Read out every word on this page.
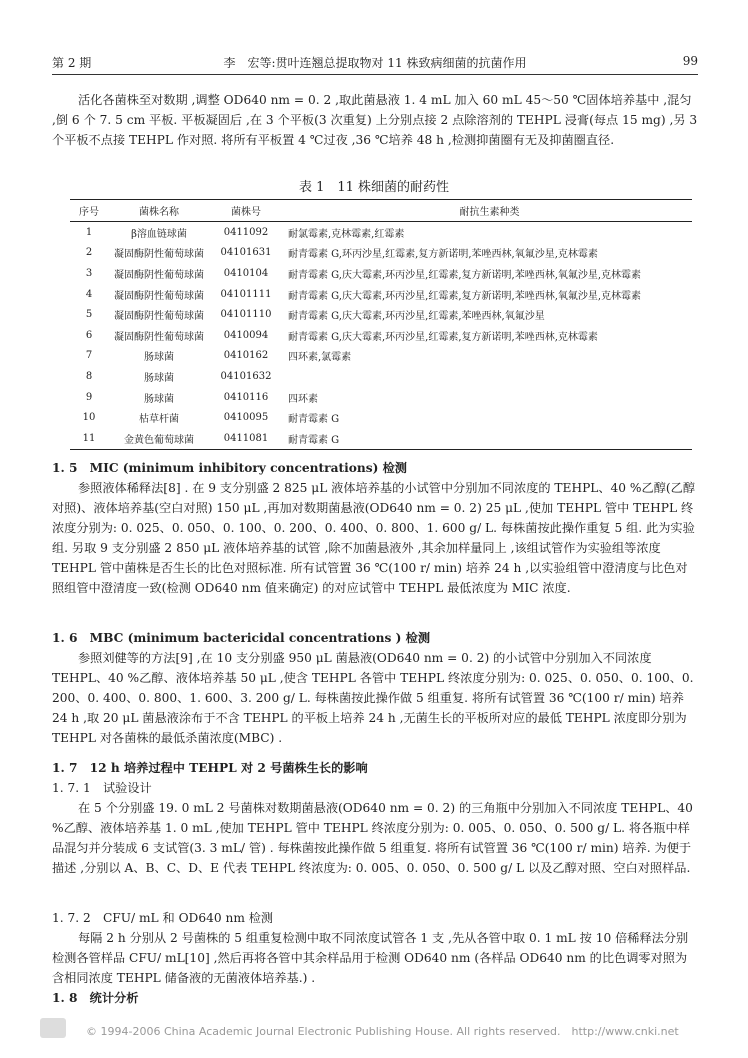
第 2 期	李　宏等:贯叶连翘总提取物对 11 株致病细菌的抗菌作用	99
活化各菌株至对数期 ,调整 OD640 nm = 0. 2 ,取此菌悬液 1. 4 mL 加入 60 mL 45～50 ℃固体培养基中 ,混匀 ,倒 6 个 7. 5 cm 平板. 平板凝固后 ,在 3 个平板(3 次重复) 上分别点接 2 点除溶剂的 TEHPL 浸膏(每点 15 mg) ,另 3 个平板不点接 TEHPL 作对照. 将所有平板置 4 ℃过夜 ,36 ℃培养 48 h ,检测抑菌圈有无及抑菌圈直径.
表 1　11 株细菌的耐药性
序号	菌株名称	菌株号	耐抗生素种类
1	β溶血链球菌	0411092	耐氯霉素,克林霉素,红霉素
2	凝固酶阴性葡萄球菌	04101631	耐青霉素 G,环丙沙星,红霉素,复方新诺明,苯唑西林,氧氟沙星,克林霉素
3	凝固酶阴性葡萄球菌	0410104	耐青霉素 G,庆大霉素,环丙沙星,红霉素,复方新诺明,苯唑西林,氧氟沙星,克林霉素
4	凝固酶阴性葡萄球菌	04101111	耐青霉素 G,庆大霉素,环丙沙星,红霉素,复方新诺明,苯唑西林,氧氟沙星,克林霉素
5	凝固酶阴性葡萄球菌	04101110	耐青霉素 G,庆大霉素,环丙沙星,红霉素,苯唑西林,氧氟沙星
6	凝固酶阴性葡萄球菌	0410094	耐青霉素 G,庆大霉素,环丙沙星,红霉素,复方新诺明,苯唑西林,克林霉素
7	肠球菌	0410162	四环素,氯霉素
8	肠球菌	04101632	
9	肠球菌	0410116	四环素
10	枯草杆菌	0410095	耐青霉素 G
11	金黄色葡萄球菌	0411081	耐青霉素 G
1. 5　MIC (minimum inhibitory concentrations) 检测
参照液体稀释法[8] . 在 9 支分别盛 2 825 μL 液体培养基的小试管中分别加不同浓度的 TEHPL、40 %乙醇(乙醇对照)、液体培养基(空白对照) 150 μL ,再加对数期菌悬液(OD640 nm = 0. 2) 25 μL ,使加 TEHPL 管中 TEHPL 终浓度分别为: 0. 025、0. 050、0. 100、0. 200、0. 400、0. 800、1. 600 g/ L. 每株菌按此操作重复 5 组. 此为实验组. 另取 9 支分别盛 2 850 μL 液体培养基的试管 ,除不加菌悬液外 ,其余加样量同上 ,该组试管作为实验组等浓度 TEHPL 管中菌株是否生长的比色对照标准. 所有试管置 36 ℃(100 r/ min) 培养 24 h ,以实验组管中澄清度与比色对照组管中澄清度一致(检测 OD640 nm 值来确定) 的对应试管中 TEHPL 最低浓度为 MIC 浓度.
1. 6　MBC (minimum bactericidal concentrations ) 检测
参照刘健等的方法[9] ,在 10 支分别盛 950 μL 菌悬液(OD640 nm = 0. 2) 的小试管中分别加入不同浓度 TEHPL、40 %乙醇、液体培养基 50 μL ,使含 TEHPL 各管中 TEHPL 终浓度分别为: 0. 025、0. 050、0. 100、0. 200、0. 400、0. 800、1. 600、3. 200 g/ L. 每株菌按此操作做 5 组重复. 将所有试管置 36 ℃(100 r/ min) 培养 24 h ,取 20 μL 菌悬液涂布于不含 TEHPL 的平板上培养 24 h ,无菌生长的平板所对应的最低 TEHPL 浓度即分别为 TEHPL 对各菌株的最低杀菌浓度(MBC) .
1. 7　12 h 培养过程中 TEHPL 对 2 号菌株生长的影响
1. 7. 1　试验设计
在 5 个分别盛 19. 0 mL 2 号菌株对数期菌悬液(OD640 nm = 0. 2) 的三角瓶中分别加入不同浓度 TEHPL、40 %乙醇、液体培养基 1. 0 mL ,使加 TEHPL 管中 TEHPL 终浓度分别为: 0. 005、0. 050、0. 500 g/ L. 将各瓶中样品混匀并分装成 6 支试管(3. 3 mL/ 管) . 每株菌按此操作做 5 组重复. 将所有试管置 36 ℃(100 r/ min) 培养. 为便于描述 ,分别以 A、B、C、D、E 代表 TEHPL 终浓度为: 0. 005、0. 050、0. 500 g/ L 以及乙醇对照、空白对照样品.
1. 7. 2　CFU/ mL 和 OD640 nm 检测
每隔 2 h 分别从 2 号菌株的 5 组重复检测中取不同浓度试管各 1 支 ,先从各管中取 0. 1 mL 按 10 倍稀释法分别检测各管样品 CFU/ mL[10] ,然后再将各管中其余样品用于检测 OD640 nm (各样品 OD640 nm 的比色调零对照为含相同浓度 TEHPL 储备液的无菌液体培养基.) .
1. 8　统计分析
© 1994-2006 China Academic Journal Electronic Publishing House. All rights reserved.　http://www.cnki.net
